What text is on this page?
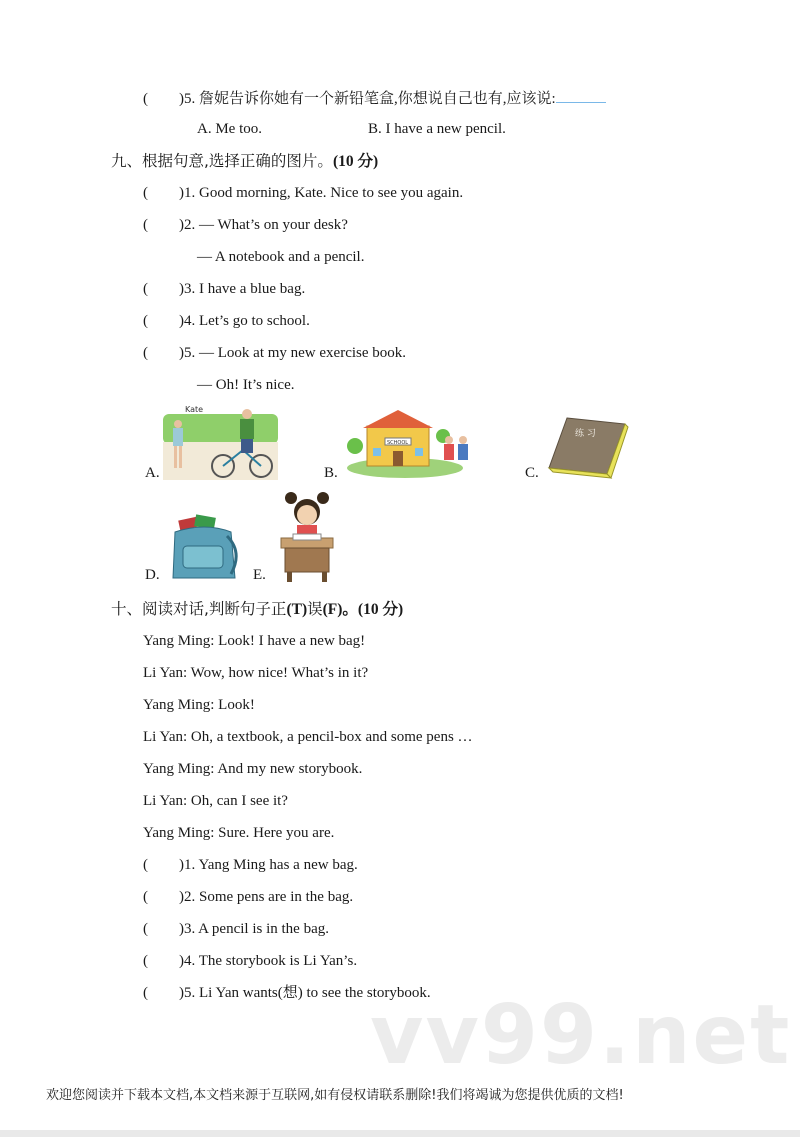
( )5. 詹妮告诉你她有一个新铅笔盒,你想说自己也有,应该说:
A. Me too.	B. I have a new pencil.
九、根据句意,选择正确的图片。(10 分)
( )1. Good morning, Kate. Nice to see you again.
( )2. — What’s on your desk?
— A notebook and a pencil.
( )3. I have a blue bag.
( )4. Let’s go to school.
( )5. — Look at my new exercise book.
— Oh! It’s nice.
A.
Kate
B.
SCHOOL
C.
练 习
D.	E.
十、阅读对话,判断句子正(T)误(F)。(10 分)
Yang Ming: Look! I have a new bag!
Li Yan: Wow, how nice! What’s in it?
Yang Ming: Look!
Li Yan: Oh, a textbook, a pencil-box and some pens …
Yang Ming: And my new storybook.
Li Yan: Oh, can I see it?
Yang Ming: Sure. Here you are.
( )1. Yang Ming has a new bag.
( )2. Some pens are in the bag.
( )3. A pencil is in the bag.
( )4. The storybook is Li Yan’s.
( )5. Li Yan wants(想) to see the storybook.
vv99.net
欢迎您阅读并下载本文档,本文档来源于互联网,如有侵权请联系删除!我们将竭诚为您提供优质的文档!
